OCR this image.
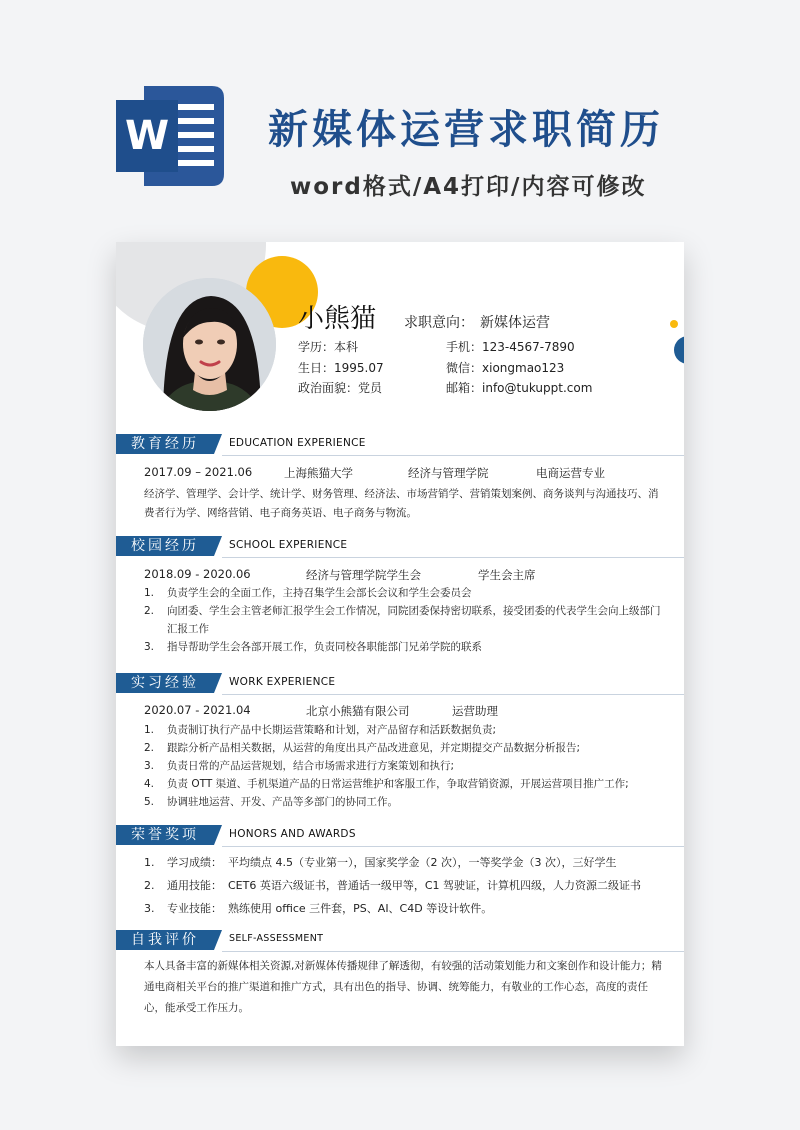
W 新媒体运营求职简历
word格式/A4打印/内容可修改
小熊猫 求职意向： 新媒体运营
学历：本科	手机：123-4567-7890
生日：1995.07	微信：xiongmao123
政治面貌：党员	邮箱：info@tukuppt.com
教育经历	EDUCATION EXPERIENCE
2017.09 – 2021.06	上海熊猫大学	经济与管理学院	电商运营专业
经济学、管理学、会计学、统计学、财务管理、经济法、市场营销学、营销策划案例、商务谈判与沟通技巧、消费者行为学、网络营销、电子商务英语、电子商务与物流。
校园经历	SCHOOL EXPERIENCE
2018.09 - 2020.06	经济与管理学院学生会	学生会主席
1. 负责学生会的全面工作，主持召集学生会部长会议和学生会委员会
2. 向团委、学生会主管老师汇报学生会工作情况，同院团委保持密切联系，接受团委的代表学生会向上级部门汇报工作
3. 指导帮助学生会各部开展工作，负责同校各职能部门兄弟学院的联系
实习经验	WORK EXPERIENCE
2020.07 - 2021.04	北京小熊猫有限公司	运营助理
1. 负责制订执行产品中长期运营策略和计划，对产品留存和活跃数据负责;
2. 跟踪分析产品相关数据，从运营的角度出具产品改进意见，并定期提交产品数据分析报告;
3. 负责日常的产品运营规划，结合市场需求进行方案策划和执行;
4. 负责 OTT 渠道、手机渠道产品的日常运营维护和客服工作，争取营销资源，开展运营项目推广工作;
5. 协调驻地运营、开发、产品等多部门的协同工作。
荣誉奖项	HONORS AND AWARDS
1. 学习成绩： 平均绩点 4.5（专业第一），国家奖学金（2 次），一等奖学金（3 次），三好学生
2. 通用技能： CET6 英语六级证书，普通话一级甲等，C1 驾驶证，计算机四级，人力资源二级证书
3. 专业技能： 熟练使用 office 三件套，PS、AI、C4D 等设计软件。
自我评价	SELF-ASSESSMENT
本人具备丰富的新媒体相关资源,对新媒体传播规律了解透彻，有较强的活动策划能力和文案创作和设计能力；精通电商相关平台的推广渠道和推广方式，具有出色的指导、协调、统筹能力，有敬业的工作心态，高度的责任心，能承受工作压力。
